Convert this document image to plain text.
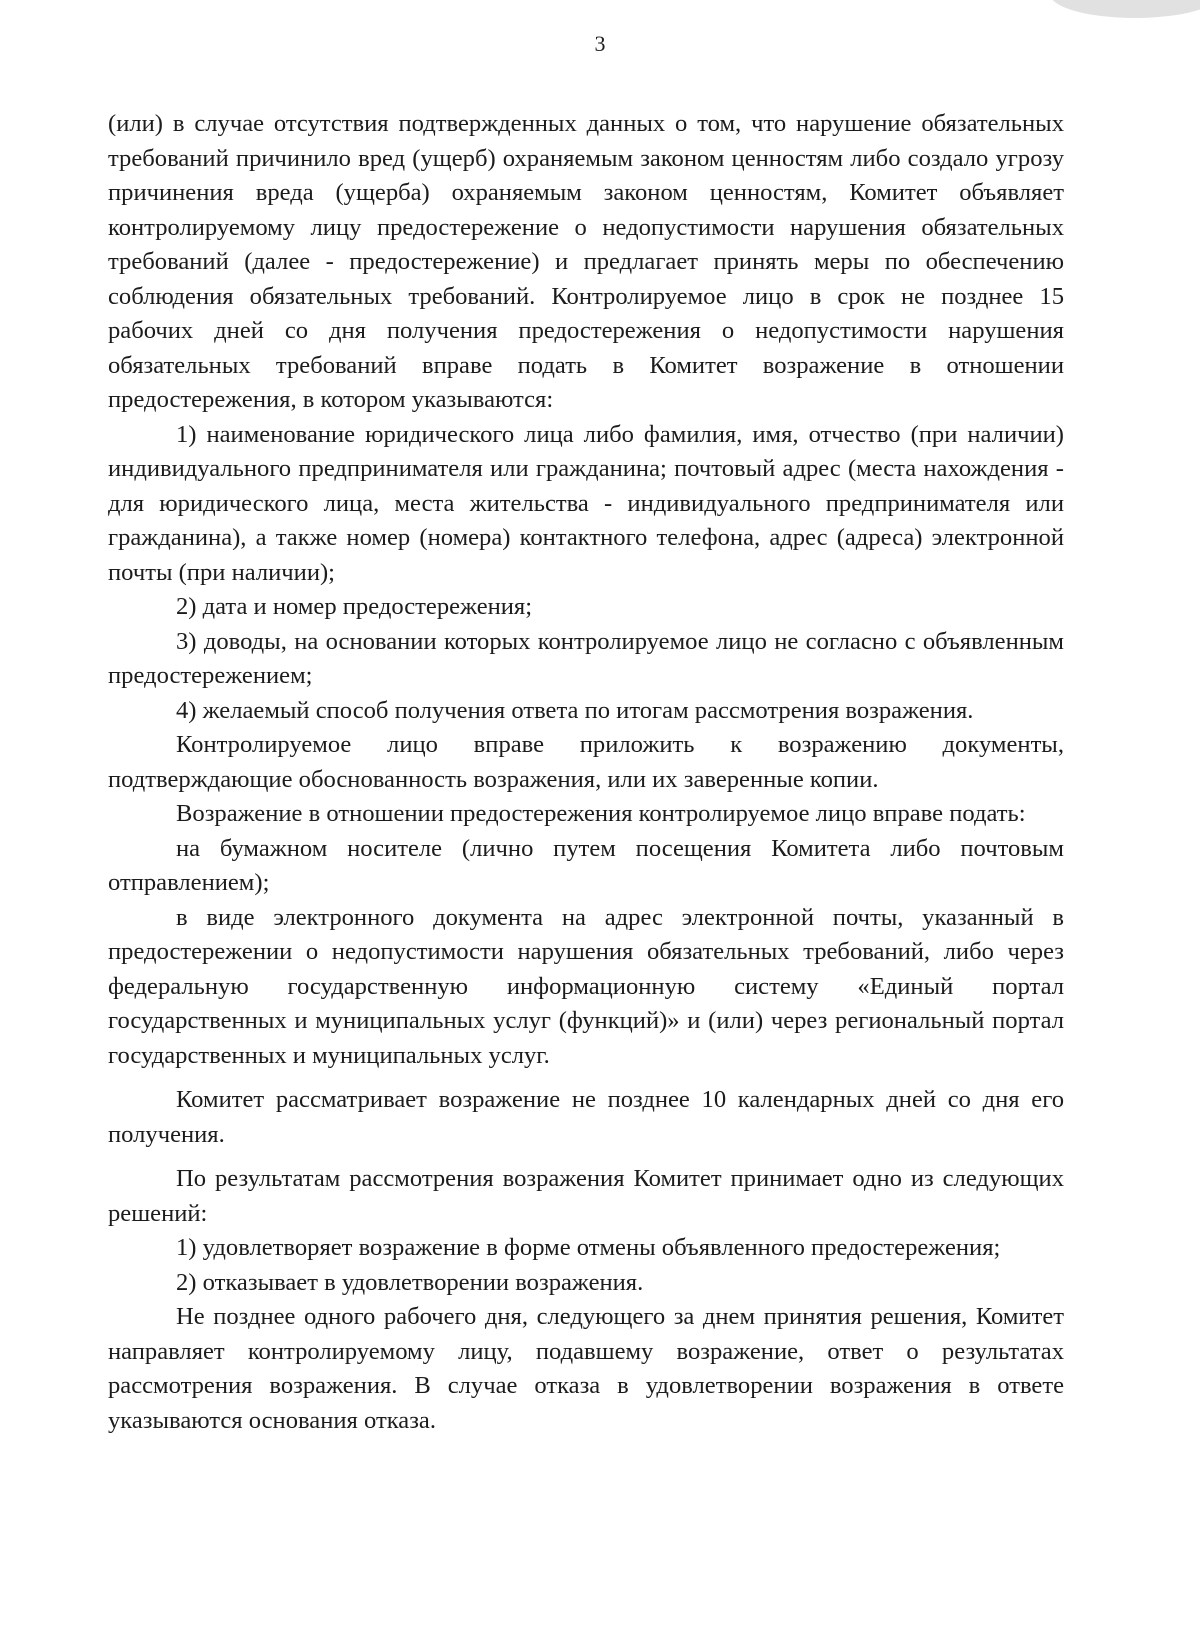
3

(или) в случае отсутствия подтвержденных данных о том, что нарушение обязательных требований причинило вред (ущерб) охраняемым законом ценностям либо создало угрозу причинения вреда (ущерба) охраняемым законом ценностям, Комитет объявляет контролируемому лицу предостережение о недопустимости нарушения обязательных требований (далее - предостережение) и предлагает принять меры по обеспечению соблюдения обязательных требований. Контролируемое лицо в срок не позднее 15 рабочих дней со дня получения предостережения о недопустимости нарушения обязательных требований вправе подать в Комитет возражение в отношении предостережения, в котором указываются:

1) наименование юридического лица либо фамилия, имя, отчество (при наличии) индивидуального предпринимателя или гражданина; почтовый адрес (места нахождения - для юридического лица, места жительства - индивидуального предпринимателя или гражданина), а также номер (номера) контактного телефона, адрес (адреса) электронной почты (при наличии);

2) дата и номер предостережения;

3) доводы, на основании которых контролируемое лицо не согласно с объявленным предостережением;

4) желаемый способ получения ответа по итогам рассмотрения возражения.

Контролируемое лицо вправе приложить к возражению документы, подтверждающие обоснованность возражения, или их заверенные копии.

Возражение в отношении предостережения контролируемое лицо вправе подать:

на бумажном носителе (лично путем посещения Комитета либо почтовым отправлением);

в виде электронного документа на адрес электронной почты, указанный в предостережении о недопустимости нарушения обязательных требований, либо через федеральную государственную информационную систему «Единый портал государственных и муниципальных услуг (функций)» и (или) через региональный портал государственных и муниципальных услуг.

Комитет рассматривает возражение не позднее 10 календарных дней со дня его получения.

По результатам рассмотрения возражения Комитет принимает одно из следующих решений:

1) удовлетворяет возражение в форме отмены объявленного предостережения;

2) отказывает в удовлетворении возражения.

Не позднее одного рабочего дня, следующего за днем принятия решения, Комитет направляет контролируемому лицу, подавшему возражение, ответ о результатах рассмотрения возражения. В случае отказа в удовлетворении возражения в ответе указываются основания отказа.
